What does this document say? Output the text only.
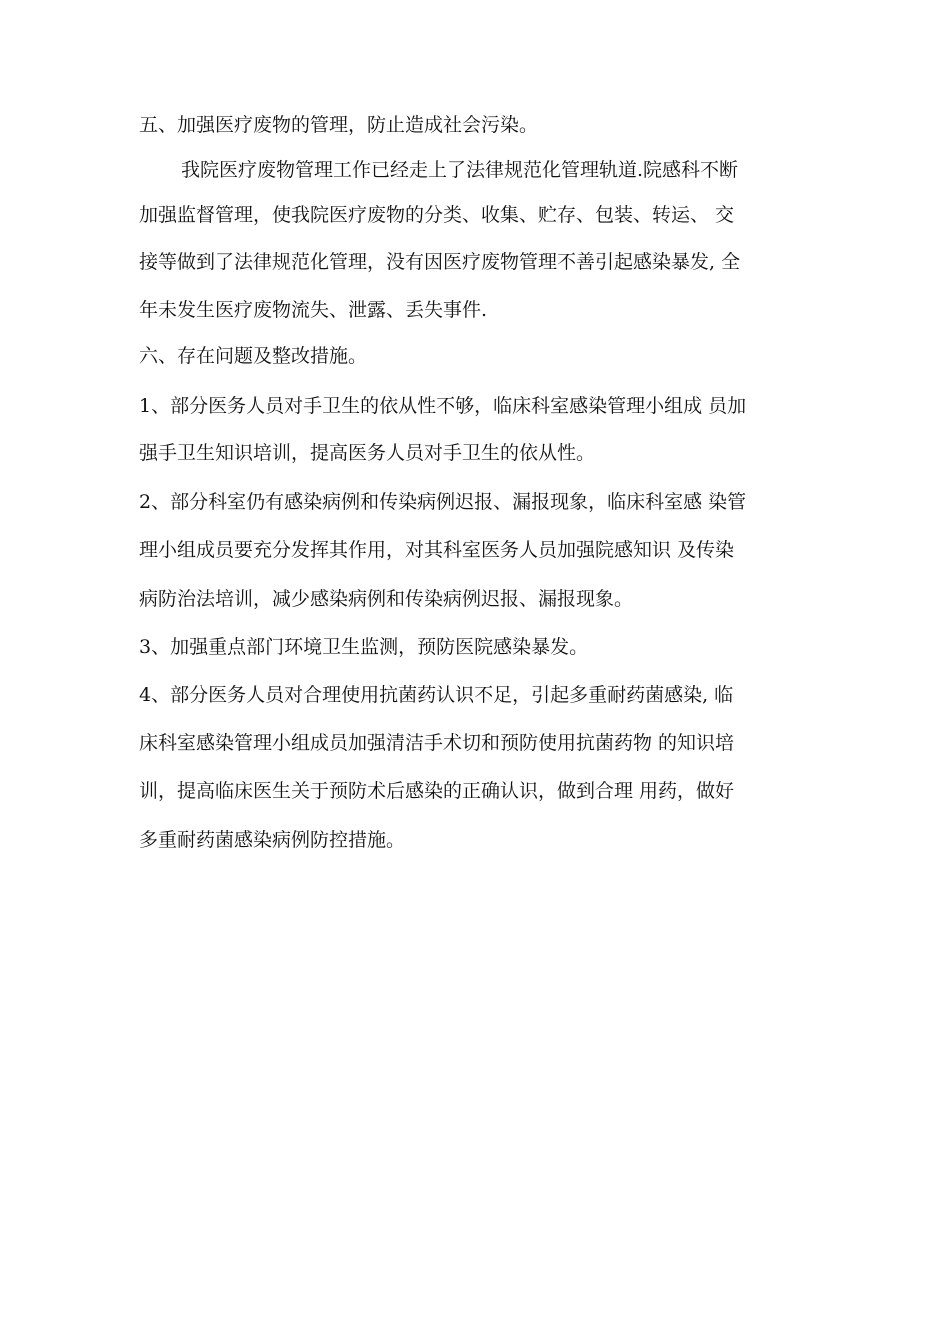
五、加强医疗废物的管理，防止造成社会污染。
我院医疗废物管理工作已经走上了法律规范化管理轨道.院感科不断
加强监督管理，使我院医疗废物的分类、收集、贮存、包装、转运、 交
接等做到了法律规范化管理，没有因医疗废物管理不善引起感染暴发, 全
年未发生医疗废物流失、泄露、丢失事件.
六、存在问题及整改措施。
1、部分医务人员对手卫生的依从性不够，临床科室感染管理小组成 员加
强手卫生知识培训，提高医务人员对手卫生的依从性。
2、部分科室仍有感染病例和传染病例迟报、漏报现象，临床科室感 染管
理小组成员要充分发挥其作用，对其科室医务人员加强院感知识 及传染
病防治法培训，减少感染病例和传染病例迟报、漏报现象。
3、加强重点部门环境卫生监测，预防医院感染暴发。
4、部分医务人员对合理使用抗菌药认识不足，引起多重耐药菌感染, 临
床科室感染管理小组成员加强清洁手术切和预防使用抗菌药物 的知识培
训，提高临床医生关于预防术后感染的正确认识，做到合理 用药，做好
多重耐药菌感染病例防控措施。
